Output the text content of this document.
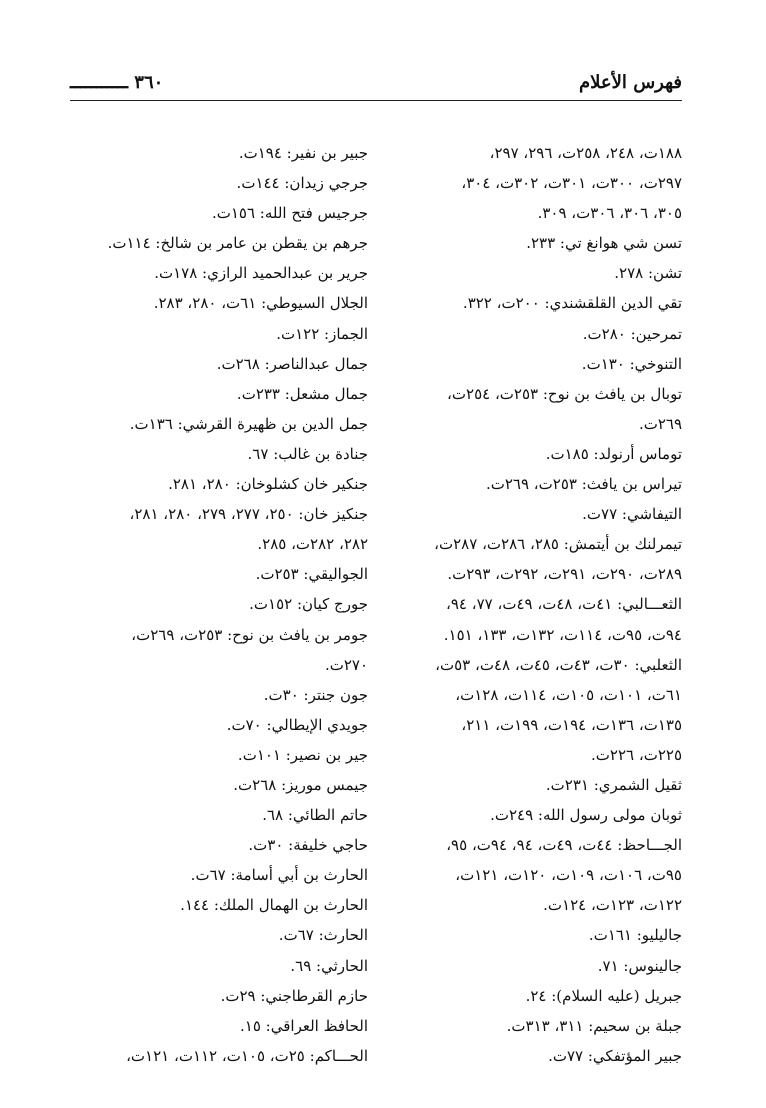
فهرس الأعلام
٣٦٠ ـــــــــــ
١٨٨ت، ٢٤٨، ٢٥٨ت، ٢٩٦، ٢٩٧،
٢٩٧ت، ٣٠٠ت، ٣٠١ت، ٣٠٢ت، ٣٠٤،
٣٠٥، ٣٠٦، ٣٠٦ت، ٣٠٩.
تسن شي هوانغ تي: ٢٣٣.
تشن: ٢٧٨.
تقي الدين القلقشندي: ٢٠٠ت، ٣٢٢.
تمرحين: ٢٨٠ت.
التنوخي: ١٣٠ت.
توبال بن يافث بن نوح: ٢٥٣ت، ٢٥٤ت،
٢٦٩ت.
توماس أرنولد: ١٨٥ت.
تيراس بن يافث: ٢٥٣ت، ٢٦٩ت.
التيفاشي: ٧٧ت.
تيمرلنك بن أيتمش: ٢٨٥، ٢٨٦ت، ٢٨٧ت،
٢٨٩ت، ٢٩٠ت، ٢٩١ت، ٢٩٢ت، ٢٩٣ت.
الثعـــالبي: ٤١ت، ٤٨ت، ٤٩ت، ٧٧، ٩٤،
٩٤ت، ٩٥ت، ١١٤ت، ١٣٢ت، ١٣٣، ١٥١.
الثعلبي: ٣٠ت، ٤٣ت، ٤٥ت، ٤٨ت، ٥٣ت،
٦١ت، ١٠١ت، ١٠٥ت، ١١٤ت، ١٢٨ت،
١٣٥ت، ١٣٦ت، ١٩٤ت، ١٩٩ت، ٢١١،
٢٢٥ت، ٢٢٦ت.
ثقيل الشمري: ٢٣١ت.
ثوبان مولى رسول الله: ٢٤٩ت.
الجـــاحظ: ٤٤ت، ٤٩ت، ٩٤، ٩٤ت، ٩٥،
٩٥ت، ١٠٦ت، ١٠٩ت، ١٢٠ت، ١٢١ت،
١٢٢ت، ١٢٣ت، ١٢٤ت.
جاليليو: ١٦١ت.
جالينوس: ٧١.
جبريل (عليه السلام): ٢٤.
جبلة بن سحيم: ٣١١، ٣١٣ت.
جبير المؤتفكي: ٧٧ت.
جبير بن نفير: ١٩٤ت.
جرجي زيدان: ١٤٤ت.
جرجيس فتح الله: ١٥٦ت.
جرهم بن يقطن بن عامر بن شالخ: ١١٤ت.
جرير بن عبدالحميد الرازي: ١٧٨ت.
الجلال السيوطي: ٦١ت، ٢٨٠، ٢٨٣.
الجماز: ١٢٢ت.
جمال عبدالناصر: ٢٦٨ت.
جمال مشعل: ٢٣٣ت.
جمل الدين بن ظهيرة القرشي: ١٣٦ت.
جنادة بن غالب: ٦٧.
جنكير خان كشلوخان: ٢٨٠، ٢٨١.
جنكيز خان: ٢٥٠، ٢٧٧، ٢٧٩، ٢٨٠، ٢٨١،
٢٨٢، ٢٨٢ت، ٢٨٥.
الجواليقي: ٢٥٣ت.
جورج كيان: ١٥٢ت.
جومر بن يافث بن نوح: ٢٥٣ت، ٢٦٩ت،
٢٧٠ت.
جون جنتر: ٣٠ت.
جويدي الإيطالي: ٧٠ت.
جير بن نصير: ١٠١ت.
جيمس موريز: ٢٦٨ت.
حاتم الطائي: ٦٨.
حاجي خليفة: ٣٠ت.
الحارث بن أبي أسامة: ٦٧ت.
الحارث بن الهمال الملك: ١٤٤.
الحارث: ٦٧ت.
الحارثي: ٦٩.
حازم القرطاجني: ٢٩ت.
الحافظ العراقي: ١٥.
الحـــاكم: ٢٥ت، ١٠٥ت، ١١٢ت، ١٢١ت،
